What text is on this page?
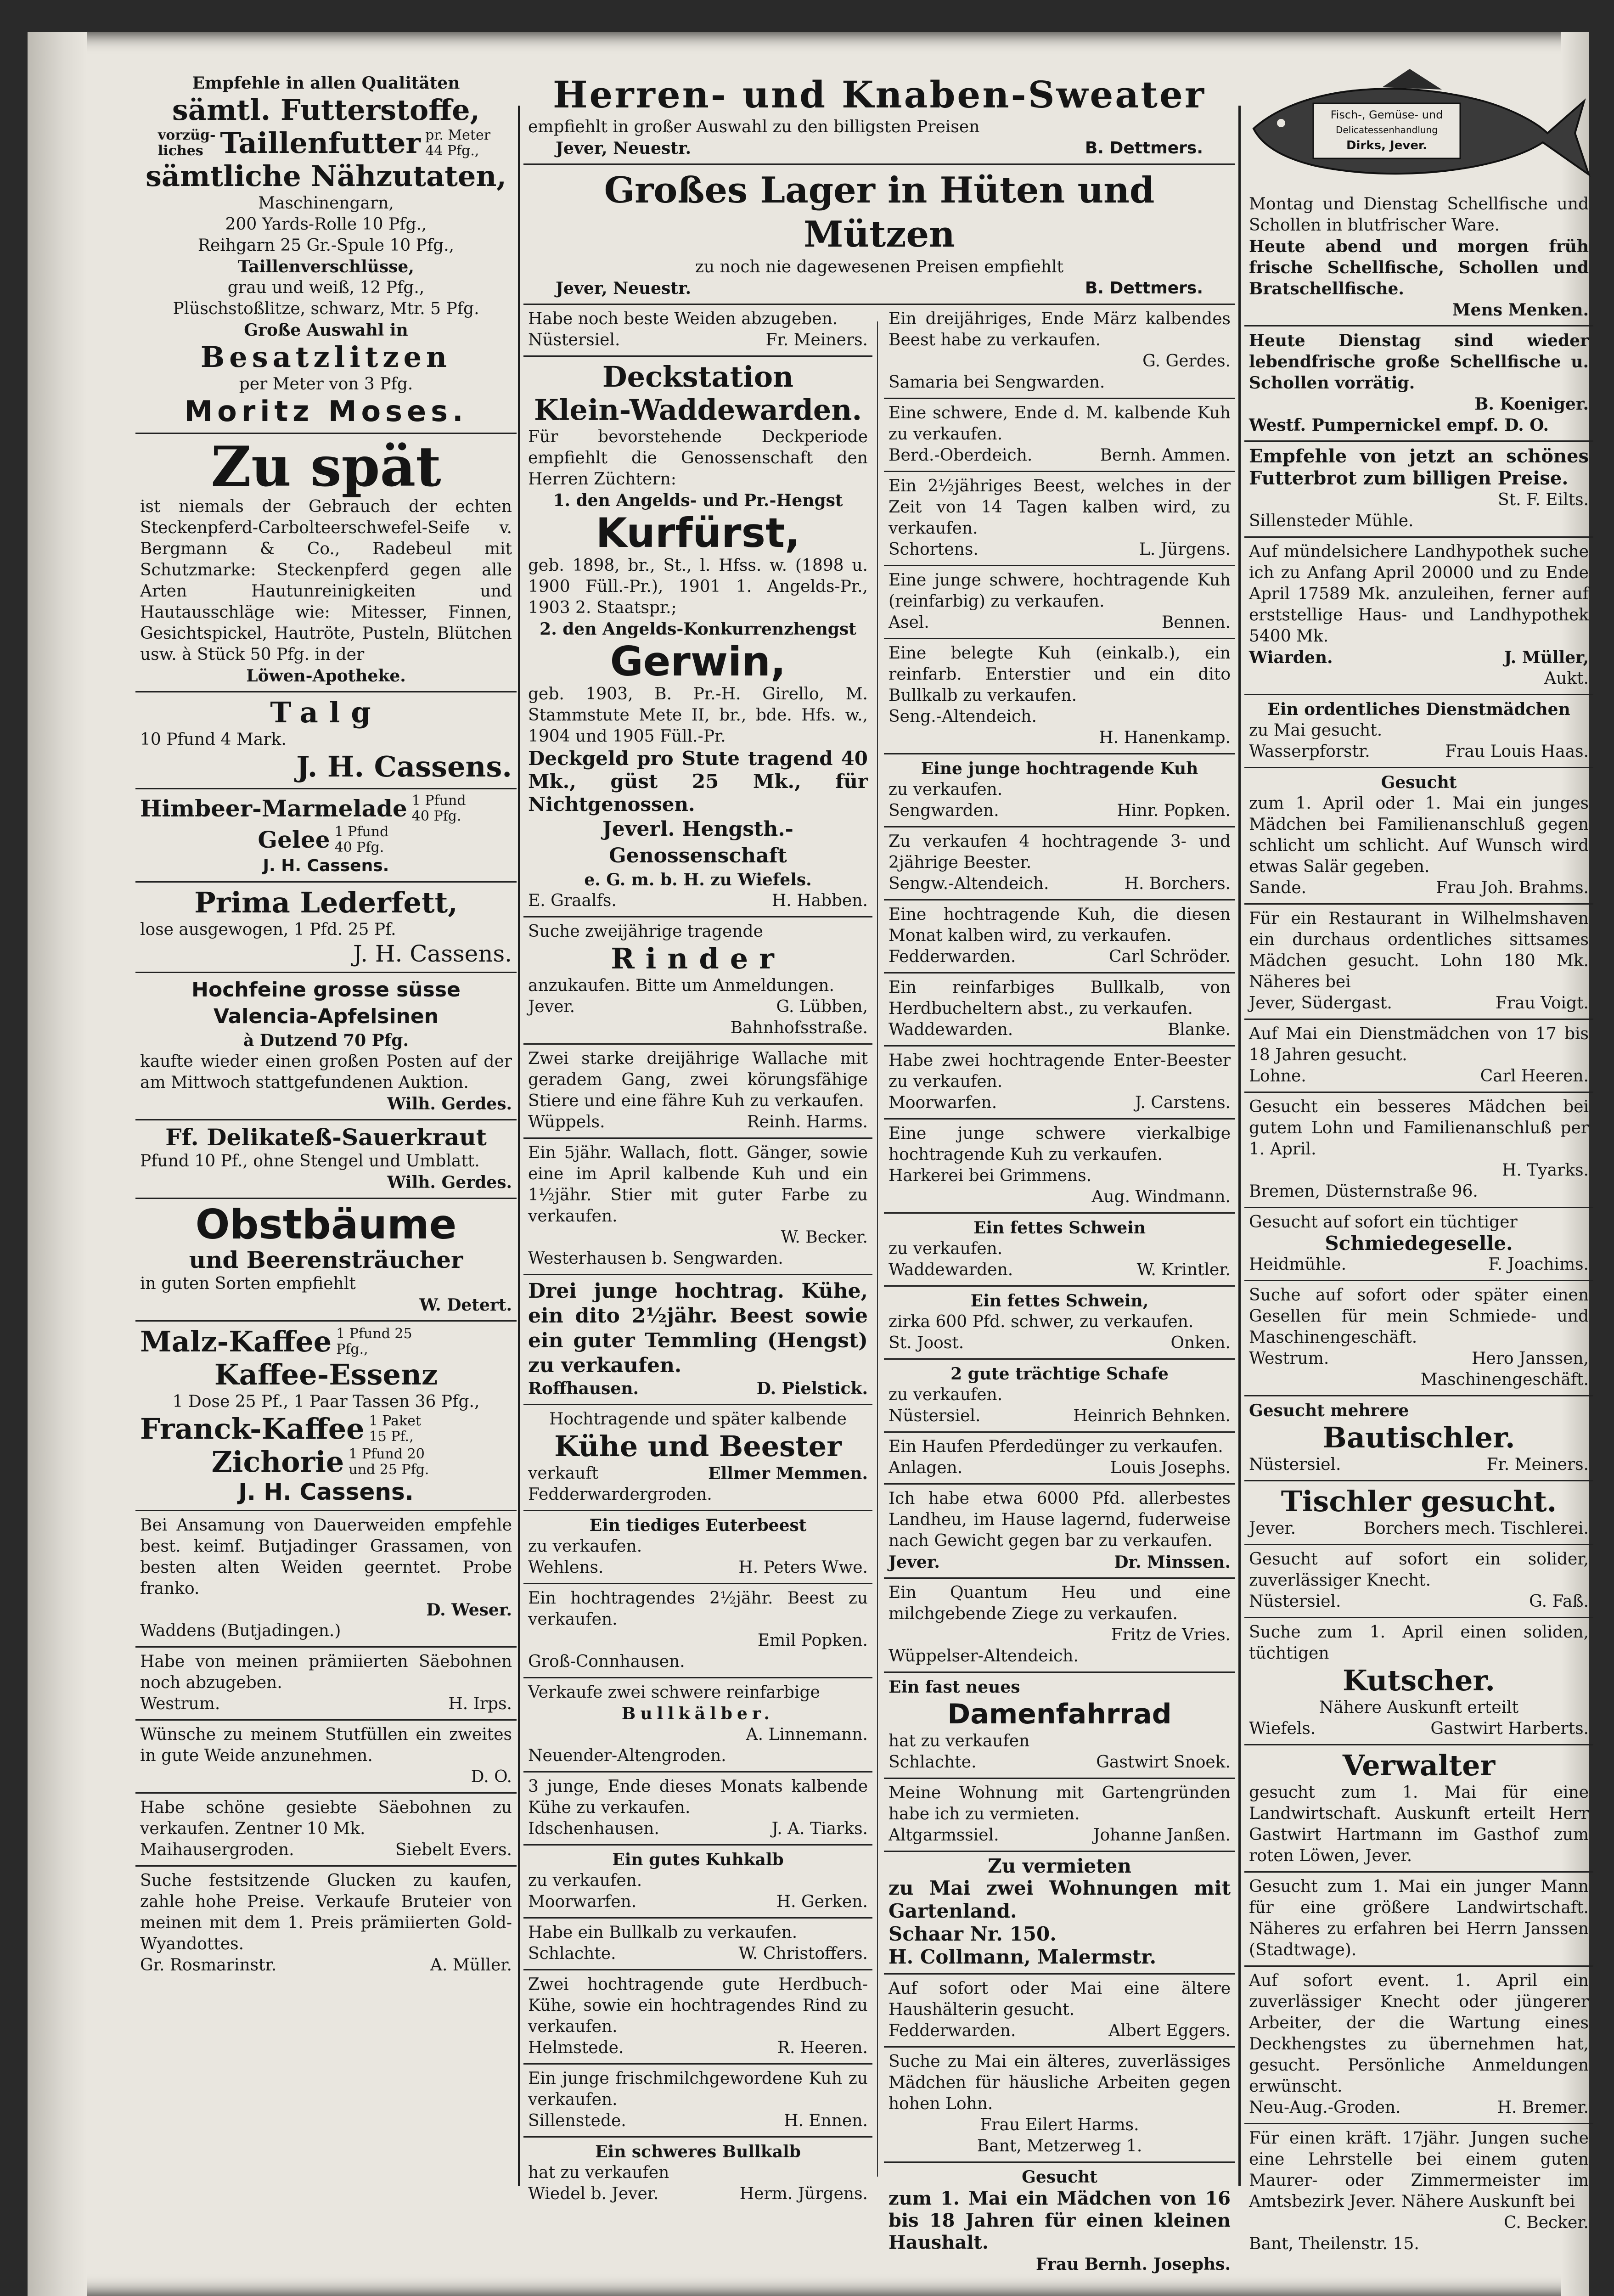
Empfehle in allen Qualitäten

sämtl. Futterstoffe,

vorzüg-
liches Taillenfutter pr. Meter 44 Pfg.,

sämtliche Nähzutaten,

Maschinengarn,

200 Yards-Rolle 10 Pfg.,

Reihgarn 25 Gr.-Spule 10 Pfg.,

Taillenverschlüsse,

grau und weiß, 12 Pfg.,

Plüschstoßlitze, schwarz, Mtr. 5 Pfg.

Große Auswahl in

Besatzlitzen

per Meter von 3 Pfg.

Moritz Moses.

Zu spät

ist niemals der Gebrauch der echten Steckenpferd-Carbolteerschwefel-Seife v. Bergmann & Co., Radebeul mit Schutzmarke: Steckenpferd gegen alle Arten Hautunreinigkeiten und Hautausschläge wie: Mitesser, Finnen, Gesichtspickel, Hautröte, Pusteln, Blütchen usw. à Stück 50 Pfg. in der

Löwen-Apotheke.

Talg

10 Pfund 4 Mark.

J. H. Cassens.

Himbeer-Marmelade 1 Pfund 40 Pfg.
Gelee 1 Pfund 40 Pfg.

J. H. Cassens.

Prima Lederfett,

lose ausgewogen, 1 Pfd. 25 Pf.

J. H. Cassens.

Hochfeine grosse süsse

Valencia-Apfelsinen

à Dutzend 70 Pfg.

kaufte wieder einen großen Posten auf der am Mittwoch stattgefundenen Auktion.

Wilh. Gerdes.

Ff. Delikateß-Sauerkraut

Pfund 10 Pf., ohne Stengel und Umblatt.

Wilh. Gerdes.

Obstbäume

und Beerensträucher

in guten Sorten empfiehlt

W. Detert.

Malz-Kaffee 1 Pfund 25 Pfg.,

Kaffee-Essenz

1 Dose 25 Pf., 1 Paar Tassen 36 Pfg.,

Franck-Kaffee 1 Paket 15 Pf.,
Zichorie 1 Pfund 20 und 25 Pfg.

J. H. Cassens.

Bei Ansamung von Dauerweiden empfehle best. keimf. Butjadinger Grassamen, von besten alten Weiden geerntet. Probe franko.

D. Weser.

Waddens (Butjadingen.)

Habe von meinen prämiierten Säebohnen noch abzugeben.

Westrum.	H. Irps.

Wünsche zu meinem Stutfüllen ein zweites in gute Weide anzunehmen.

D. O.

Habe schöne gesiebte Säebohnen zu verkaufen. Zentner 10 Mk.

Maihausergroden.	Siebelt Evers.

Suche festsitzende Glucken zu kaufen, zahle hohe Preise. Verkaufe Bruteier von meinen mit dem 1. Preis prämiierten Gold-Wyandottes.

Gr. Rosmarinstr.	A. Müller.

Herren- und Knaben-Sweater

empfiehlt in großer Auswahl zu den billigsten Preisen

Jever, Neuestr.	B. Dettmers.

Großes Lager in Hüten und Mützen

zu noch nie dagewesenen Preisen empfiehlt

Jever, Neuestr.	B. Dettmers.

Habe noch beste Weiden abzugeben.

Nüstersiel.	Fr. Meiners.

Deckstation

Klein-Waddewarden.

Für bevorstehende Deckperiode empfiehlt die Genossenschaft den Herren Züchtern:

1. den Angelds- und Pr.-Hengst

Kurfürst,

geb. 1898, br., St., l. Hfss. w. (1898 u. 1900 Füll.-Pr.), 1901 1. Angelds-Pr., 1903 2. Staatspr.;

2. den Angelds-Konkurrenzhengst

Gerwin,

geb. 1903, B. Pr.-H. Girello, M. Stammstute Mete II, br., bde. Hfs. w., 1904 und 1905 Füll.-Pr.

Deckgeld pro Stute tragend 40 Mk., güst 25 Mk., für Nichtgenossen.

Jeverl. Hengsth.-Genossenschaft

e. G. m. b. H. zu Wiefels.

E. Graalfs.	H. Habben.

Suche zweijährige tragende

Rinder

anzukaufen. Bitte um Anmeldungen.

Jever.	G. Lübben,

Bahnhofsstraße.

Zwei starke dreijährige Wallache mit geradem Gang, zwei körungsfähige Stiere und eine fähre Kuh zu verkaufen.

Wüppels.	Reinh. Harms.

Ein 5jähr. Wallach, flott. Gänger, sowie eine im April kalbende Kuh und ein 1½jähr. Stier mit guter Farbe zu verkaufen.

W. Becker.

Westerhausen b. Sengwarden.

Drei junge hochtrag. Kühe, ein dito 2½jähr. Beest sowie ein guter Temmling (Hengst) zu verkaufen.

Roffhausen.	D. Pielstick.

Hochtragende und später kalbende

Kühe und Beester

verkauft	Ellmer Memmen.

Fedderwardergroden.

Ein tiediges Euterbeest

zu verkaufen.

Wehlens.	H. Peters Wwe.

Ein hochtragendes 2½jähr. Beest zu verkaufen.

Emil Popken.

Groß-Connhausen.

Verkaufe zwei schwere reinfarbige

Bullkälber.

A. Linnemann.

Neuender-Altengroden.

3 junge, Ende dieses Monats kalbende Kühe zu verkaufen.

Idschenhausen.	J. A. Tiarks.

Ein gutes Kuhkalb

zu verkaufen.

Moorwarfen.	H. Gerken.

Habe ein Bullkalb zu verkaufen.

Schlachte.	W. Christoffers.

Zwei hochtragende gute Herdbuch-Kühe, sowie ein hochtragendes Rind zu verkaufen.

Helmstede.	R. Heeren.

Ein junge frischmilchgewordene Kuh zu verkaufen.

Sillenstede.	H. Ennen.

Ein schweres Bullkalb

hat zu verkaufen

Wiedel b. Jever.	Herm. Jürgens.

Ein dreijähriges, Ende März kalbendes Beest habe zu verkaufen.

G. Gerdes.

Samaria bei Sengwarden.

Eine schwere, Ende d. M. kalbende Kuh zu verkaufen.

Berd.-Oberdeich.	Bernh. Ammen.

Ein 2½jähriges Beest, welches in der Zeit von 14 Tagen kalben wird, zu verkaufen.

Schortens.	L. Jürgens.

Eine junge schwere, hochtragende Kuh (reinfarbig) zu verkaufen.

Asel.	Bennen.

Eine belegte Kuh (einkalb.), ein reinfarb. Enterstier und ein dito Bullkalb zu verkaufen.

Seng.-Altendeich.

H. Hanenkamp.

Eine junge hochtragende Kuh

zu verkaufen.

Sengwarden.	Hinr. Popken.

Zu verkaufen 4 hochtragende 3- und 2jährige Beester.

Sengw.-Altendeich.	H. Borchers.

Eine hochtragende Kuh, die diesen Monat kalben wird, zu verkaufen.

Fedderwarden.	Carl Schröder.

Ein reinfarbiges Bullkalb, von Herdbucheltern abst., zu verkaufen.

Waddewarden.	Blanke.

Habe zwei hochtragende Enter-Beester zu verkaufen.

Moorwarfen.	J. Carstens.

Eine junge schwere vierkalbige hochtragende Kuh zu verkaufen.

Harkerei bei Grimmens.

Aug. Windmann.

Ein fettes Schwein

zu verkaufen.

Waddewarden.	W. Krintler.

Ein fettes Schwein,

zirka 600 Pfd. schwer, zu verkaufen.

St. Joost.	Onken.

2 gute trächtige Schafe

zu verkaufen.

Nüstersiel.	Heinrich Behnken.

Ein Haufen Pferdedünger zu verkaufen.

Anlagen.	Louis Josephs.

Ich habe etwa 6000 Pfd. allerbestes Landheu, im Hause lagernd, fuderweise nach Gewicht gegen bar zu verkaufen.

Jever.	Dr. Minssen.

Ein Quantum Heu und eine milchgebende Ziege zu verkaufen.

Fritz de Vries.

Wüppelser-Altendeich.

Ein fast neues

Damenfahrrad

hat zu verkaufen

Schlachte.	Gastwirt Snoek.

Meine Wohnung mit Gartengründen habe ich zu vermieten.

Altgarmssiel.	Johanne Janßen.

Zu vermieten

zu Mai zwei Wohnungen mit Gartenland.

Schaar Nr. 150.

H. Collmann, Malermstr.

Auf sofort oder Mai eine ältere Haushälterin gesucht.

Fedderwarden.	Albert Eggers.

Suche zu Mai ein älteres, zuverlässiges Mädchen für häusliche Arbeiten gegen hohen Lohn.

Frau Eilert Harms.

Bant, Metzerweg 1.

Gesucht

zum 1. Mai ein Mädchen von 16 bis 18 Jahren für einen kleinen Haushalt.

Frau Bernh. Josephs.

Fisch-, Gemüse- und
Delicatessenhandlung
Dirks, Jever.

Montag und Dienstag Schellfische und Schollen in blutfrischer Ware.

Heute abend und morgen früh frische Schellfische, Schollen und Bratschellfische.

Mens Menken.

Heute Dienstag sind wieder lebendfrische große Schellfische u. Schollen vorrätig.

B. Koeniger.

Westf. Pumpernickel empf. D. O.

Empfehle von jetzt an schönes Futterbrot zum billigen Preise.

St. F. Eilts.

Sillensteder Mühle.

Auf mündelsichere Landhypothek suche ich zu Anfang April 20000 und zu Ende April 17589 Mk. anzuleihen, ferner auf erststellige Haus- und Landhypothek 5400 Mk.

Wiarden.	J. Müller,

Aukt.

Ein ordentliches Dienstmädchen

zu Mai gesucht.

Wasserpforstr.	Frau Louis Haas.

Gesucht

zum 1. April oder 1. Mai ein junges Mädchen bei Familienanschluß gegen schlicht um schlicht. Auf Wunsch wird etwas Salär gegeben.

Sande.	Frau Joh. Brahms.

Für ein Restaurant in Wilhelmshaven ein durchaus ordentliches sittsames Mädchen gesucht. Lohn 180 Mk. Näheres bei

Jever, Südergast.	Frau Voigt.

Auf Mai ein Dienstmädchen von 17 bis 18 Jahren gesucht.

Lohne.	Carl Heeren.

Gesucht ein besseres Mädchen bei gutem Lohn und Familienanschluß per 1. April.

H. Tyarks.

Bremen, Düsternstraße 96.

Gesucht auf sofort ein tüchtiger

Schmiedegeselle.

Heidmühle.	F. Joachims.

Suche auf sofort oder später einen Gesellen für mein Schmiede- und Maschinengeschäft.

Westrum.	Hero Janssen,

Maschinengeschäft.

Gesucht mehrere

Bautischler.

Nüstersiel.	Fr. Meiners.

Tischler gesucht.

Jever.	Borchers mech. Tischlerei.

Gesucht auf sofort ein solider, zuverlässiger Knecht.

Nüstersiel.	G. Faß.

Suche zum 1. April einen soliden, tüchtigen

Kutscher.

Nähere Auskunft erteilt

Wiefels.	Gastwirt Harberts.

Verwalter

gesucht zum 1. Mai für eine Landwirtschaft. Auskunft erteilt Herr Gastwirt Hartmann im Gasthof zum roten Löwen, Jever.

Gesucht zum 1. Mai ein junger Mann für eine größere Landwirtschaft. Näheres zu erfahren bei Herrn Janssen (Stadtwage).

Auf sofort event. 1. April ein zuverlässiger Knecht oder jüngerer Arbeiter, der die Wartung eines Deckhengstes zu übernehmen hat, gesucht. Persönliche Anmeldungen erwünscht.

Neu-Aug.-Groden.	H. Bremer.

Für einen kräft. 17jähr. Jungen suche eine Lehrstelle bei einem guten Maurer- oder Zimmermeister im Amtsbezirk Jever. Nähere Auskunft bei

C. Becker.

Bant, Theilenstr. 15.
